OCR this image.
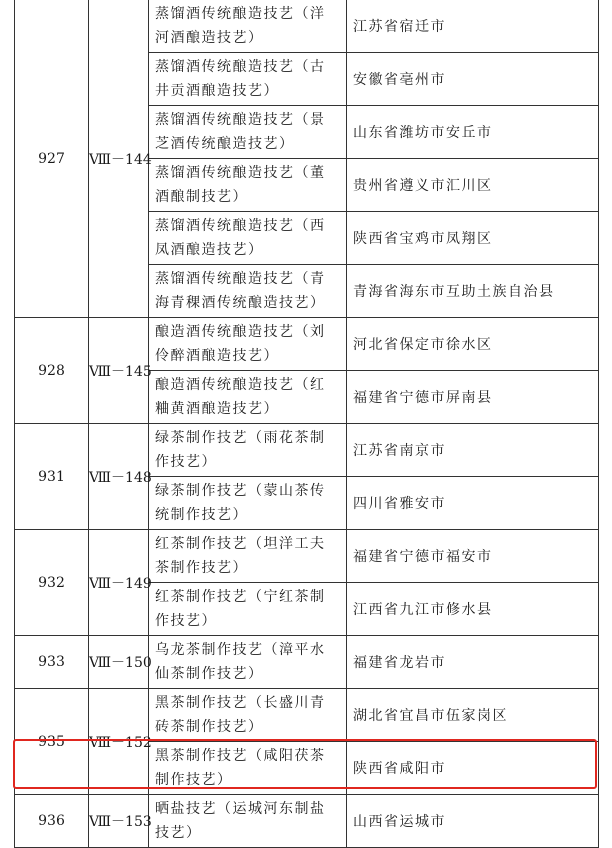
927	Ⅷ－144	蒸馏酒传统酿造技艺（洋河酒酿造技艺）	江苏省宿迁市
		蒸馏酒传统酿造技艺（古井贡酒酿造技艺）	安徽省亳州市
		蒸馏酒传统酿造技艺（景芝酒传统酿造技艺）	山东省潍坊市安丘市
		蒸馏酒传统酿造技艺（董酒酿制技艺）	贵州省遵义市汇川区
		蒸馏酒传统酿造技艺（西凤酒酿造技艺）	陕西省宝鸡市凤翔区
		蒸馏酒传统酿造技艺（青海青稞酒传统酿造技艺）	青海省海东市互助土族自治县
928	Ⅷ－145	酿造酒传统酿造技艺（刘伶醉酒酿造技艺）	河北省保定市徐水区
		酿造酒传统酿造技艺（红粬黄酒酿造技艺）	福建省宁德市屏南县
931	Ⅷ－148	绿茶制作技艺（雨花茶制作技艺）	江苏省南京市
		绿茶制作技艺（蒙山茶传统制作技艺）	四川省雅安市
932	Ⅷ－149	红茶制作技艺（坦洋工夫茶制作技艺）	福建省宁德市福安市
		红茶制作技艺（宁红茶制作技艺）	江西省九江市修水县
933	Ⅷ－150	乌龙茶制作技艺（漳平水仙茶制作技艺）	福建省龙岩市
935	Ⅷ－152	黑茶制作技艺（长盛川青砖茶制作技艺）	湖北省宜昌市伍家岗区
		黑茶制作技艺（咸阳茯茶制作技艺）	陕西省咸阳市
936	Ⅷ－153	晒盐技艺（运城河东制盐技艺）	山西省运城市
